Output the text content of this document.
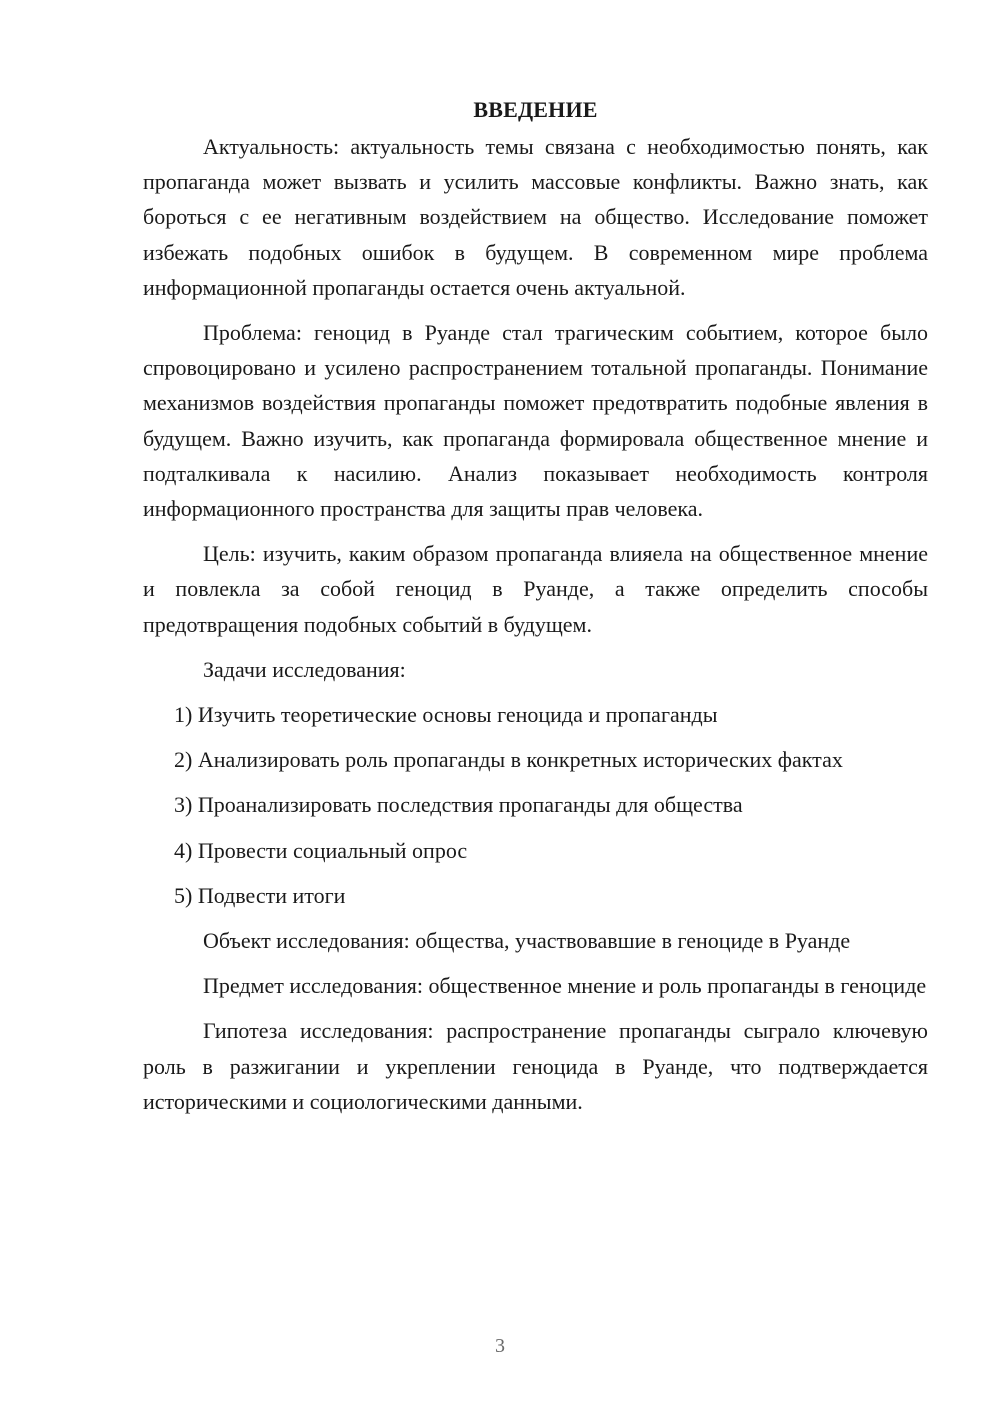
ВВЕДЕНИЕ

Актуальность: актуальность темы связана с необходимостью понять, как пропаганда может вызвать и усилить массовые конфликты. Важно знать, как бороться с ее негативным воздействием на общество. Исследование поможет избежать подобных ошибок в будущем. В современном мире проблема информационной пропаганды остается очень актуальной.

Проблема: геноцид в Руанде стал трагическим событием, которое было спровоцировано и усилено распространением тотальной пропаганды. Понимание механизмов воздействия пропаганды поможет предотвратить подобные явления в будущем. Важно изучить, как пропаганда формировала общественное мнение и подталкивала к насилию. Анализ показывает необходимость контроля информационного пространства для защиты прав человека.

Цель: изучить, каким образом пропаганда влияела на общественное мнение и повлекла за собой геноцид в Руанде, а также определить способы предотвращения подобных событий в будущем.

Задачи исследования:

1) Изучить теоретические основы геноцида и пропаганды

2) Анализировать роль пропаганды в конкретных исторических фактах

3) Проанализировать последствия пропаганды для общества

4) Провести социальный опрос

5) Подвести итоги

Объект исследования: общества, участвовавшие в геноциде в Руанде

Предмет исследования: общественное мнение и роль пропаганды в геноциде

Гипотеза исследования: распространение пропаганды сыграло ключевую роль в разжигании и укреплении геноцида в Руанде, что подтверждается историческими и социологическими данными.

3
